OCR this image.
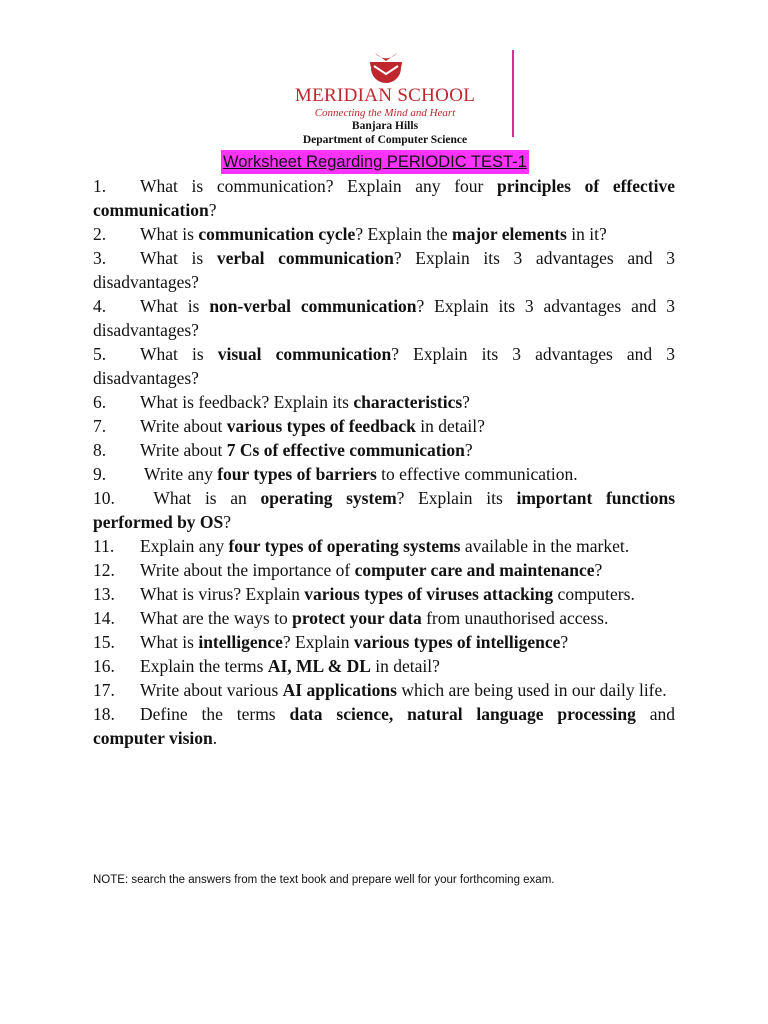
MERIDIAN SCHOOL
Connecting the Mind and Heart
Banjara Hills
Department of Computer Science
Worksheet Regarding PERIODIC TEST-1
1. What is communication? Explain any four principles of effective communication?
2. What is communication cycle? Explain the major elements in it?
3. What is verbal communication? Explain its 3 advantages and 3 disadvantages?
4. What is non-verbal communication? Explain its 3 advantages and 3 disadvantages?
5. What is visual communication? Explain its 3 advantages and 3 disadvantages?
6. What is feedback? Explain its characteristics?
7. Write about various types of feedback in detail?
8. Write about 7 Cs of effective communication?
9. Write any four types of barriers to effective communication.
10. What is an operating system? Explain its important functions performed by OS?
11. Explain any four types of operating systems available in the market.
12. Write about the importance of computer care and maintenance?
13. What is virus? Explain various types of viruses attacking computers.
14. What are the ways to protect your data from unauthorised access.
15. What is intelligence? Explain various types of intelligence?
16. Explain the terms AI, ML & DL in detail?
17. Write about various AI applications which are being used in our daily life.
18. Define the terms data science, natural language processing and computer vision.
NOTE: search the answers from the text book and prepare well for your forthcoming exam.
